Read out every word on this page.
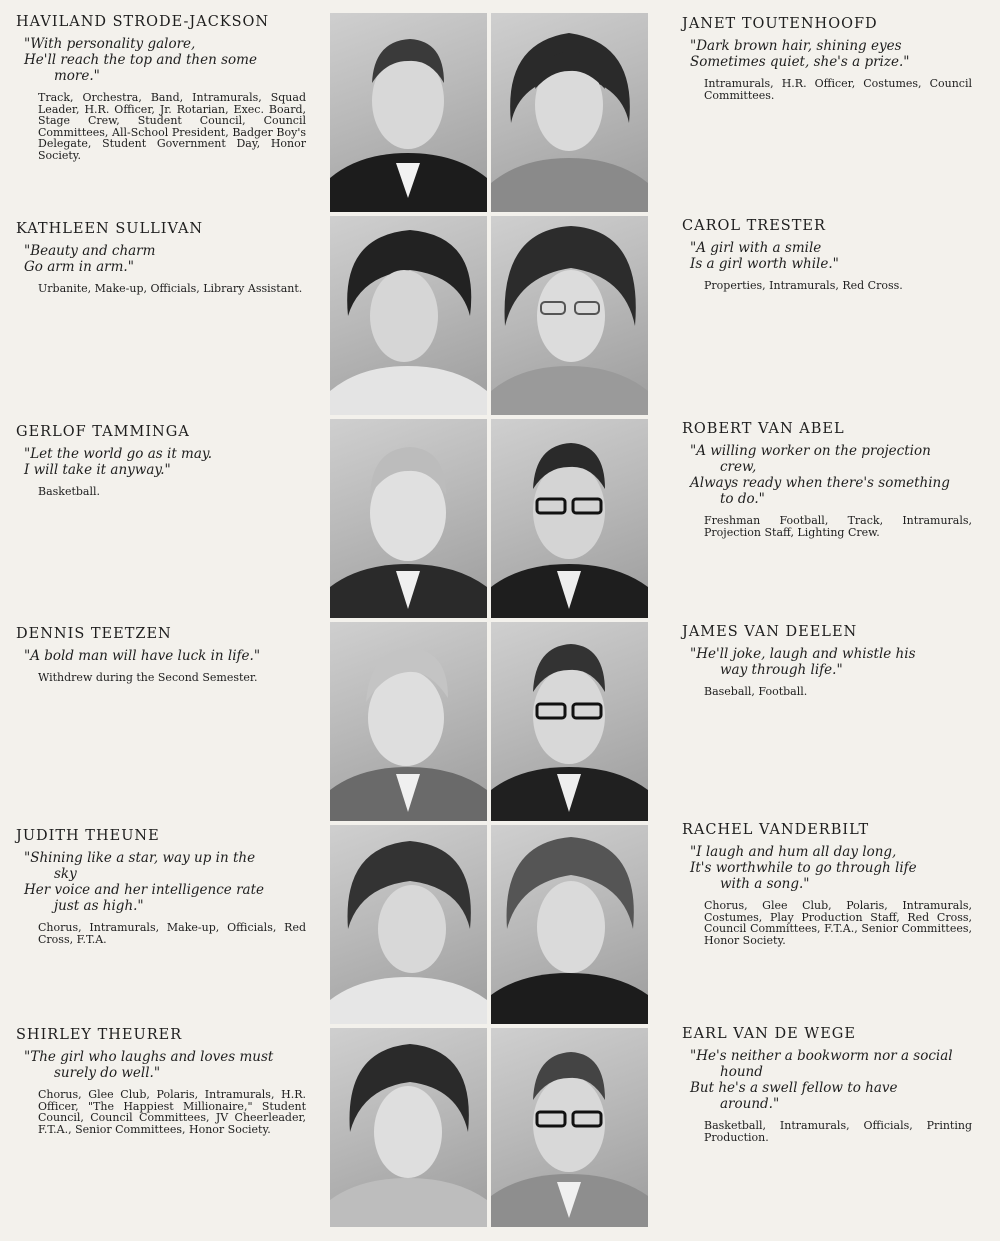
HAVILAND STRODE-JACKSON
"With personality galore,
He'll reach the top and then some
more."
Track, Orchestra, Band, Intramurals, Squad Leader, H.R. Officer, Jr. Rotarian, Exec. Board, Stage Crew, Student Council, Council Committees, All-School President, Badger Boy's Delegate, Student Government Day, Honor Society.
JANET TOUTENHOOFD
"Dark brown hair, shining eyes
Sometimes quiet, she's a prize."
Intramurals, H.R. Officer, Costumes, Council Committees.
KATHLEEN SULLIVAN
"Beauty and charm
Go arm in arm."
Urbanite, Make-up, Officials, Library Assistant.
CAROL TRESTER
"A girl with a smile
Is a girl worth while."
Properties, Intramurals, Red Cross.
GERLOF TAMMINGA
"Let the world go as it may.
I will take it anyway."
Basketball.
ROBERT VAN ABEL
"A willing worker on the projection
crew,
Always ready when there's something
to do."
Freshman Football, Track, Intramurals, Projection Staff, Lighting Crew.
DENNIS TEETZEN
"A bold man will have luck in life."
Withdrew during the Second Semester.
JAMES VAN DEELEN
"He'll joke, laugh and whistle his
way through life."
Baseball, Football.
JUDITH THEUNE
"Shining like a star, way up in the
sky
Her voice and her intelligence rate
just as high."
Chorus, Intramurals, Make-up, Officials, Red Cross, F.T.A.
RACHEL VANDERBILT
"I laugh and hum all day long,
It's worthwhile to go through life
with a song."
Chorus, Glee Club, Polaris, Intramurals, Costumes, Play Production Staff, Red Cross, Council Committees, F.T.A., Senior Committees, Honor Society.
SHIRLEY THEURER
"The girl who laughs and loves must
surely do well."
Chorus, Glee Club, Polaris, Intramurals, H.R. Officer, "The Happiest Millionaire," Student Council, Council Committees, JV Cheerleader, F.T.A., Senior Committees, Honor Society.
EARL VAN DE WEGE
"He's neither a bookworm nor a social
hound
But he's a swell fellow to have
around."
Basketball, Intramurals, Officials, Printing Production.
